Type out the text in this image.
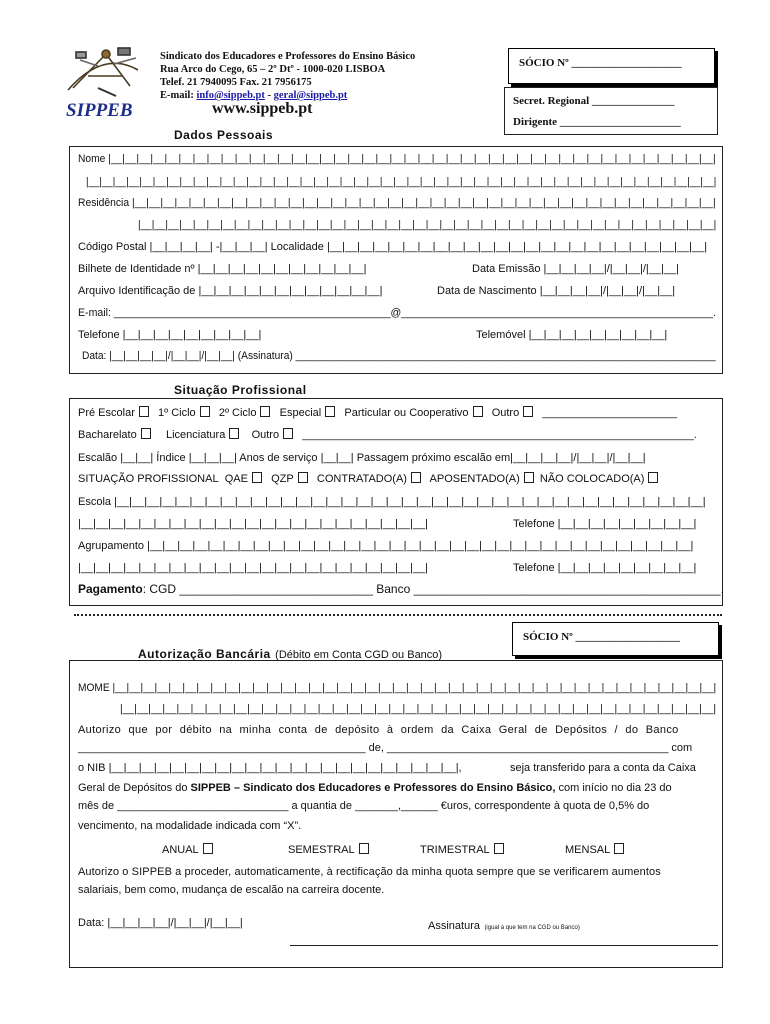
SIPPEB
Sindicato dos Educadores e Professores do Ensino Básico
Rua Arco do Cego, 65 – 2º Dtº - 1000-020 LISBOA
Telef. 21 7940095 Fax. 21 7956175
E-mail: info@sippeb.pt - geral@sippeb.pt
www.sippeb.pt
SÓCIO Nº ____________________
Secret. Regional _______________
Dirigente ______________________
Dados Pessoais
Nome |__|__|__|__|__|__|__|__|__|__|__|__|__|__|__|__|__|__|__|__|__|__|__|__|__|__|__|__|__|__|__|__|__|__|__|__|__|__|__|__|__|__|__|
|__|__|__|__|__|__|__|__|__|__|__|__|__|__|__|__|__|__|__|__|__|__|__|__|__|__|__|__|__|__|__|__|__|__|__|__|__|__|__|__|__|__|__|__|__|__|__|
Residência |__|__|__|__|__|__|__|__|__|__|__|__|__|__|__|__|__|__|__|__|__|__|__|__|__|__|__|__|__|__|__|__|__|__|__|__|__|__|__|__|__|
|__|__|__|__|__|__|__|__|__|__|__|__|__|__|__|__|__|__|__|__|__|__|__|__|__|__|__|__|__|__|__|__|__|__|__|__|__|__|__|__|__|__|
Código Postal |__|__|__|__| -|__|__|__| Localidade |__|__|__|__|__|__|__|__|__|__|__|__|__|__|__|__|__|__|__|__|__|__|__|__|__|
Bilhete de Identidade nº |__|__|__|__|__|__|__|__|__|__|__|	Data Emissão |__|__|__|__|/|__|__|/|__|__|
Arquivo Identificação de |__|__|__|__|__|__|__|__|__|__|__|__|	Data de Nascimento |__|__|__|__|/|__|__|/|__|__|
E-mail: _______________________________________________@_____________________________________________________.
Telefone |__|__|__|__|__|__|__|__|__|	Telemóvel |__|__|__|__|__|__|__|__|__|
Data: |__|__|__|__|/|__|__|/|__|__| (Assinatura) __________________________________________________________________________
Situação Profissional
Pré Escolar 1º Ciclo 2º Ciclo Especial Particular ou Cooperativo Outro ______________________
Bacharelato	Licenciatura Outro ________________________________________________________________.
Escalão |__|__| Índice |__|__|__| Anos de serviço |__|__| Passagem próximo escalão em|__|__|__|__|/|__|__|/|__|__|
SITUAÇÃO PROFISSIONAL QAE QZP CONTRATADO(A) APOSENTADO(A) NÃO COLOCADO(A)
Escola |__|__|__|__|__|__|__|__|__|__|__|__|__|__|__|__|__|__|__|__|__|__|__|__|__|__|__|__|__|__|__|__|__|__|__|__|__|__|__|
|__|__|__|__|__|__|__|__|__|__|__|__|__|__|__|__|__|__|__|__|__|__|__|	Telefone |__|__|__|__|__|__|__|__|__|
Agrupamento |__|__|__|__|__|__|__|__|__|__|__|__|__|__|__|__|__|__|__|__|__|__|__|__|__|__|__|__|__|__|__|__|__|__|__|__|
|__|__|__|__|__|__|__|__|__|__|__|__|__|__|__|__|__|__|__|__|__|__|__|	Telefone |__|__|__|__|__|__|__|__|__|
Pagamento: CGD _____________________________ Banco ______________________________________________.
SÓCIO Nº ___________________
Autorização Bancária (Débito em Conta CGD ou Banco)
MOME |__|__|__|__|__|__|__|__|__|__|__|__|__|__|__|__|__|__|__|__|__|__|__|__|__|__|__|__|__|__|__|__|__|__|__|__|__|__|__|__|__|__|__|
|__|__|__|__|__|__|__|__|__|__|__|__|__|__|__|__|__|__|__|__|__|__|__|__|__|__|__|__|__|__|__|__|__|__|__|__|__|__|__|__|__|__|
Autorizo que por débito na minha conta de depósito à ordem da Caixa Geral de Depósitos / do Banco
_______________________________________________ de, ______________________________________________ com
o NIB |__|__|__|__|__|__|__|__|__|__|__|__|__|__|__|__|__|__|__|__|__|__|__|,	seja transferido para a conta da Caixa
Geral de Depósitos do SIPPEB – Sindicato dos Educadores e Professores do Ensino Básico, com início no dia 23 do
mês de ____________________________ a quantia de _______,______ €uros, correspondente à quota de 0,5% do
vencimento, na modalidade indicada com “X”.
ANUAL	SEMESTRAL	TRIMESTRAL	MENSAL
Autorizo o SIPPEB a proceder, automaticamente, à rectificação da minha quota sempre que se verificarem aumentos
salariais, bem como, mudança de escalão na carreira docente.
Data: |__|__|__|__|/|__|__|/|__|__|	Assinatura (igual à que tem na CGD ou Banco)
